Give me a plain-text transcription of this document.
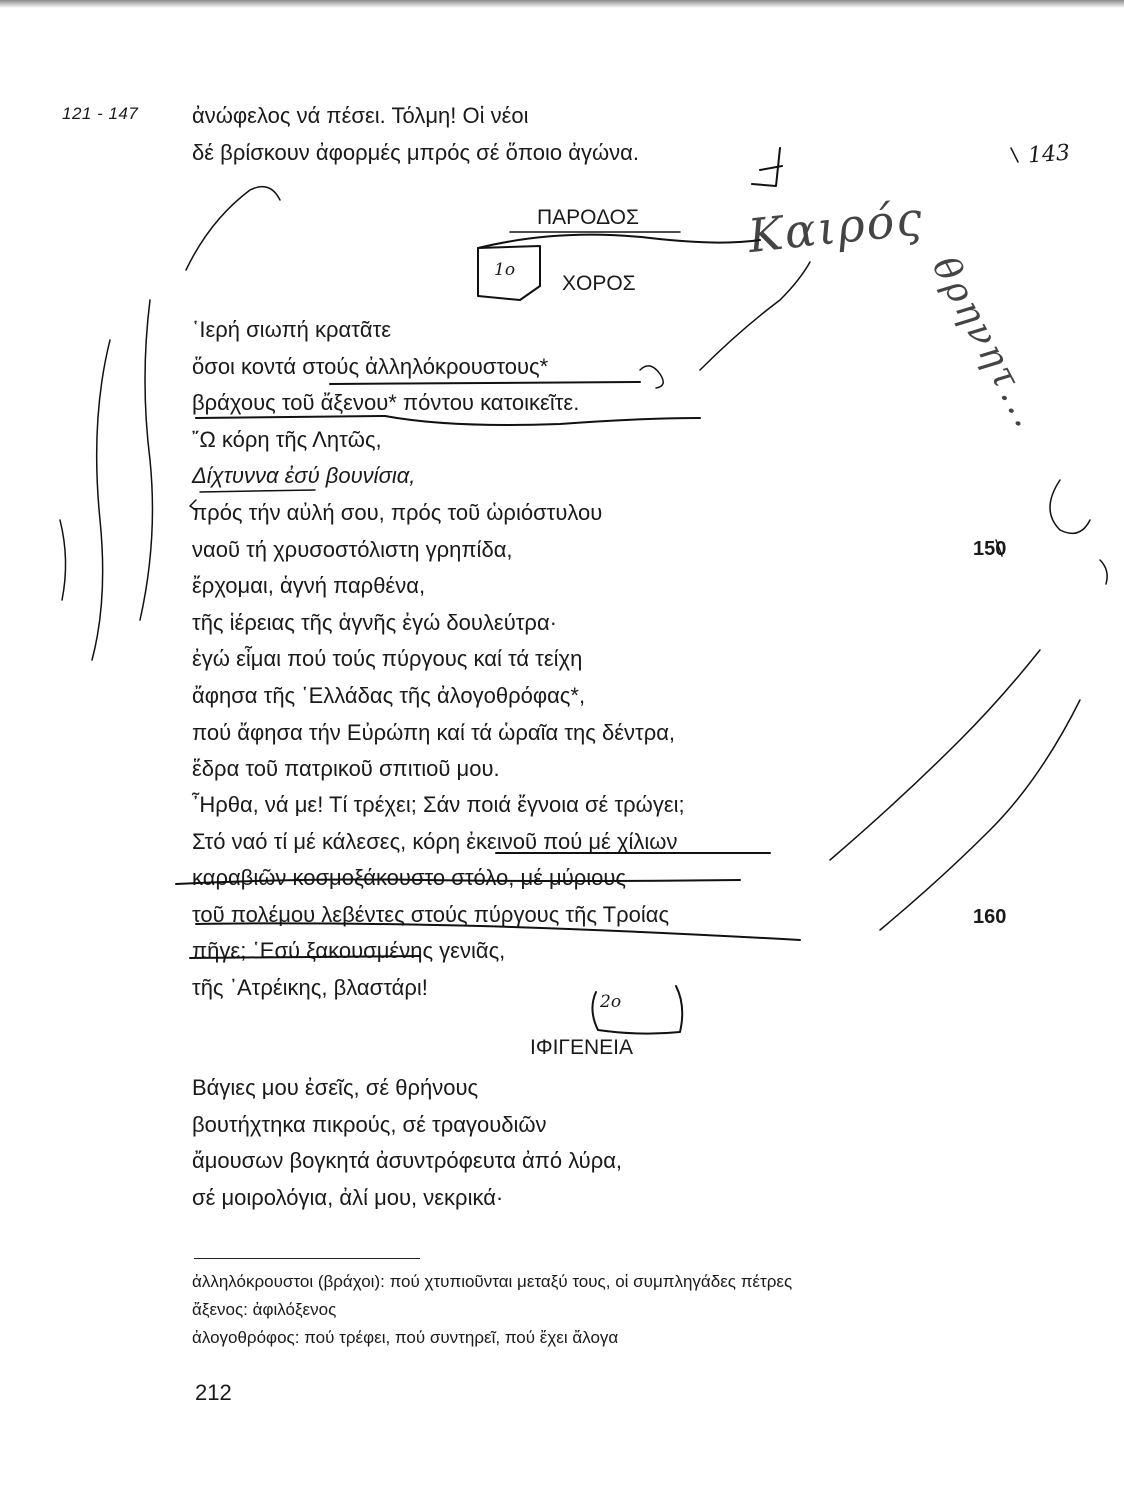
121 - 147 ἀνώφελος νά πέσει. Τόλμη! Οἱ νέοι
δέ βρίσκουν ἀφορμές μπρός σέ ὅποιο ἀγώνα.
ΠΑΡΟΔΟΣ
ΧΟΡΟΣ
῾Ιερή σιωπή κρατᾶτε
ὅσοι κοντά στούς ἀλληλόκρουστους*
βράχους τοῦ ἄξενου* πόντου κατοικεῖτε.
῎Ω κόρη τῆς Λητῶς,
Δίχτυννα ἐσύ βουνίσια,
πρός τήν αὐλή σου, πρός τοῦ ὡριόστυλου
ναοῦ τή χρυσοστόλιστη γρηπίδα,
ἔρχομαι, ἁγνή παρθένα,
τῆς ἱέρειας τῆς ἁγνῆς ἐγώ δουλεύτρα·
ἐγώ εἶμαι πού τούς πύργους καί τά τείχη
ἄφησα τῆς ῾Ελλάδας τῆς ἀλογοθρόφας*,
πού ἄφησα τήν Εὐρώπη καί τά ὡραῖα της δέντρα,
ἕδρα τοῦ πατρικοῦ σπιτιοῦ μου.
150
῏Ηρθα, νά με! Τί τρέχει; Σάν ποιά ἔγνοια σέ τρώγει;
Στό ναό τί μέ κάλεσες, κόρη ἐκεινοῦ πού μέ χίλιων
καραβιῶν κοσμοξάκουστο στόλο, μέ μύριους
τοῦ πολέμου λεβέντες στούς πύργους τῆς Τροίας
πῆγε; ῾Εσύ ξακουσμένης γενιᾶς,
τῆς ᾽Ατρέικης, βλαστάρι!
160
ΙΦΙΓΕΝΕΙΑ
Βάγιες μου ἐσεῖς, σέ θρήνους
βουτήχτηκα πικρούς, σέ τραγουδιῶν
ἄμουσων βογκητά ἀσυντρόφευτα ἀπό λύρα,
σέ μοιρολόγια, ἀλί μου, νεκρικά·
ἀλληλόκρουστοι (βράχοι): πού χτυπιοῦνται μεταξύ τους, οἱ συμπληγάδες πέτρες
ἄξενος: ἀφιλόξενος
ἀλογοθρόφος: πού τρέφει, πού συντηρεῖ, πού ἔχει ἄλογα
212
143
1ο
2ο
Καιρός
θρηνητ...
